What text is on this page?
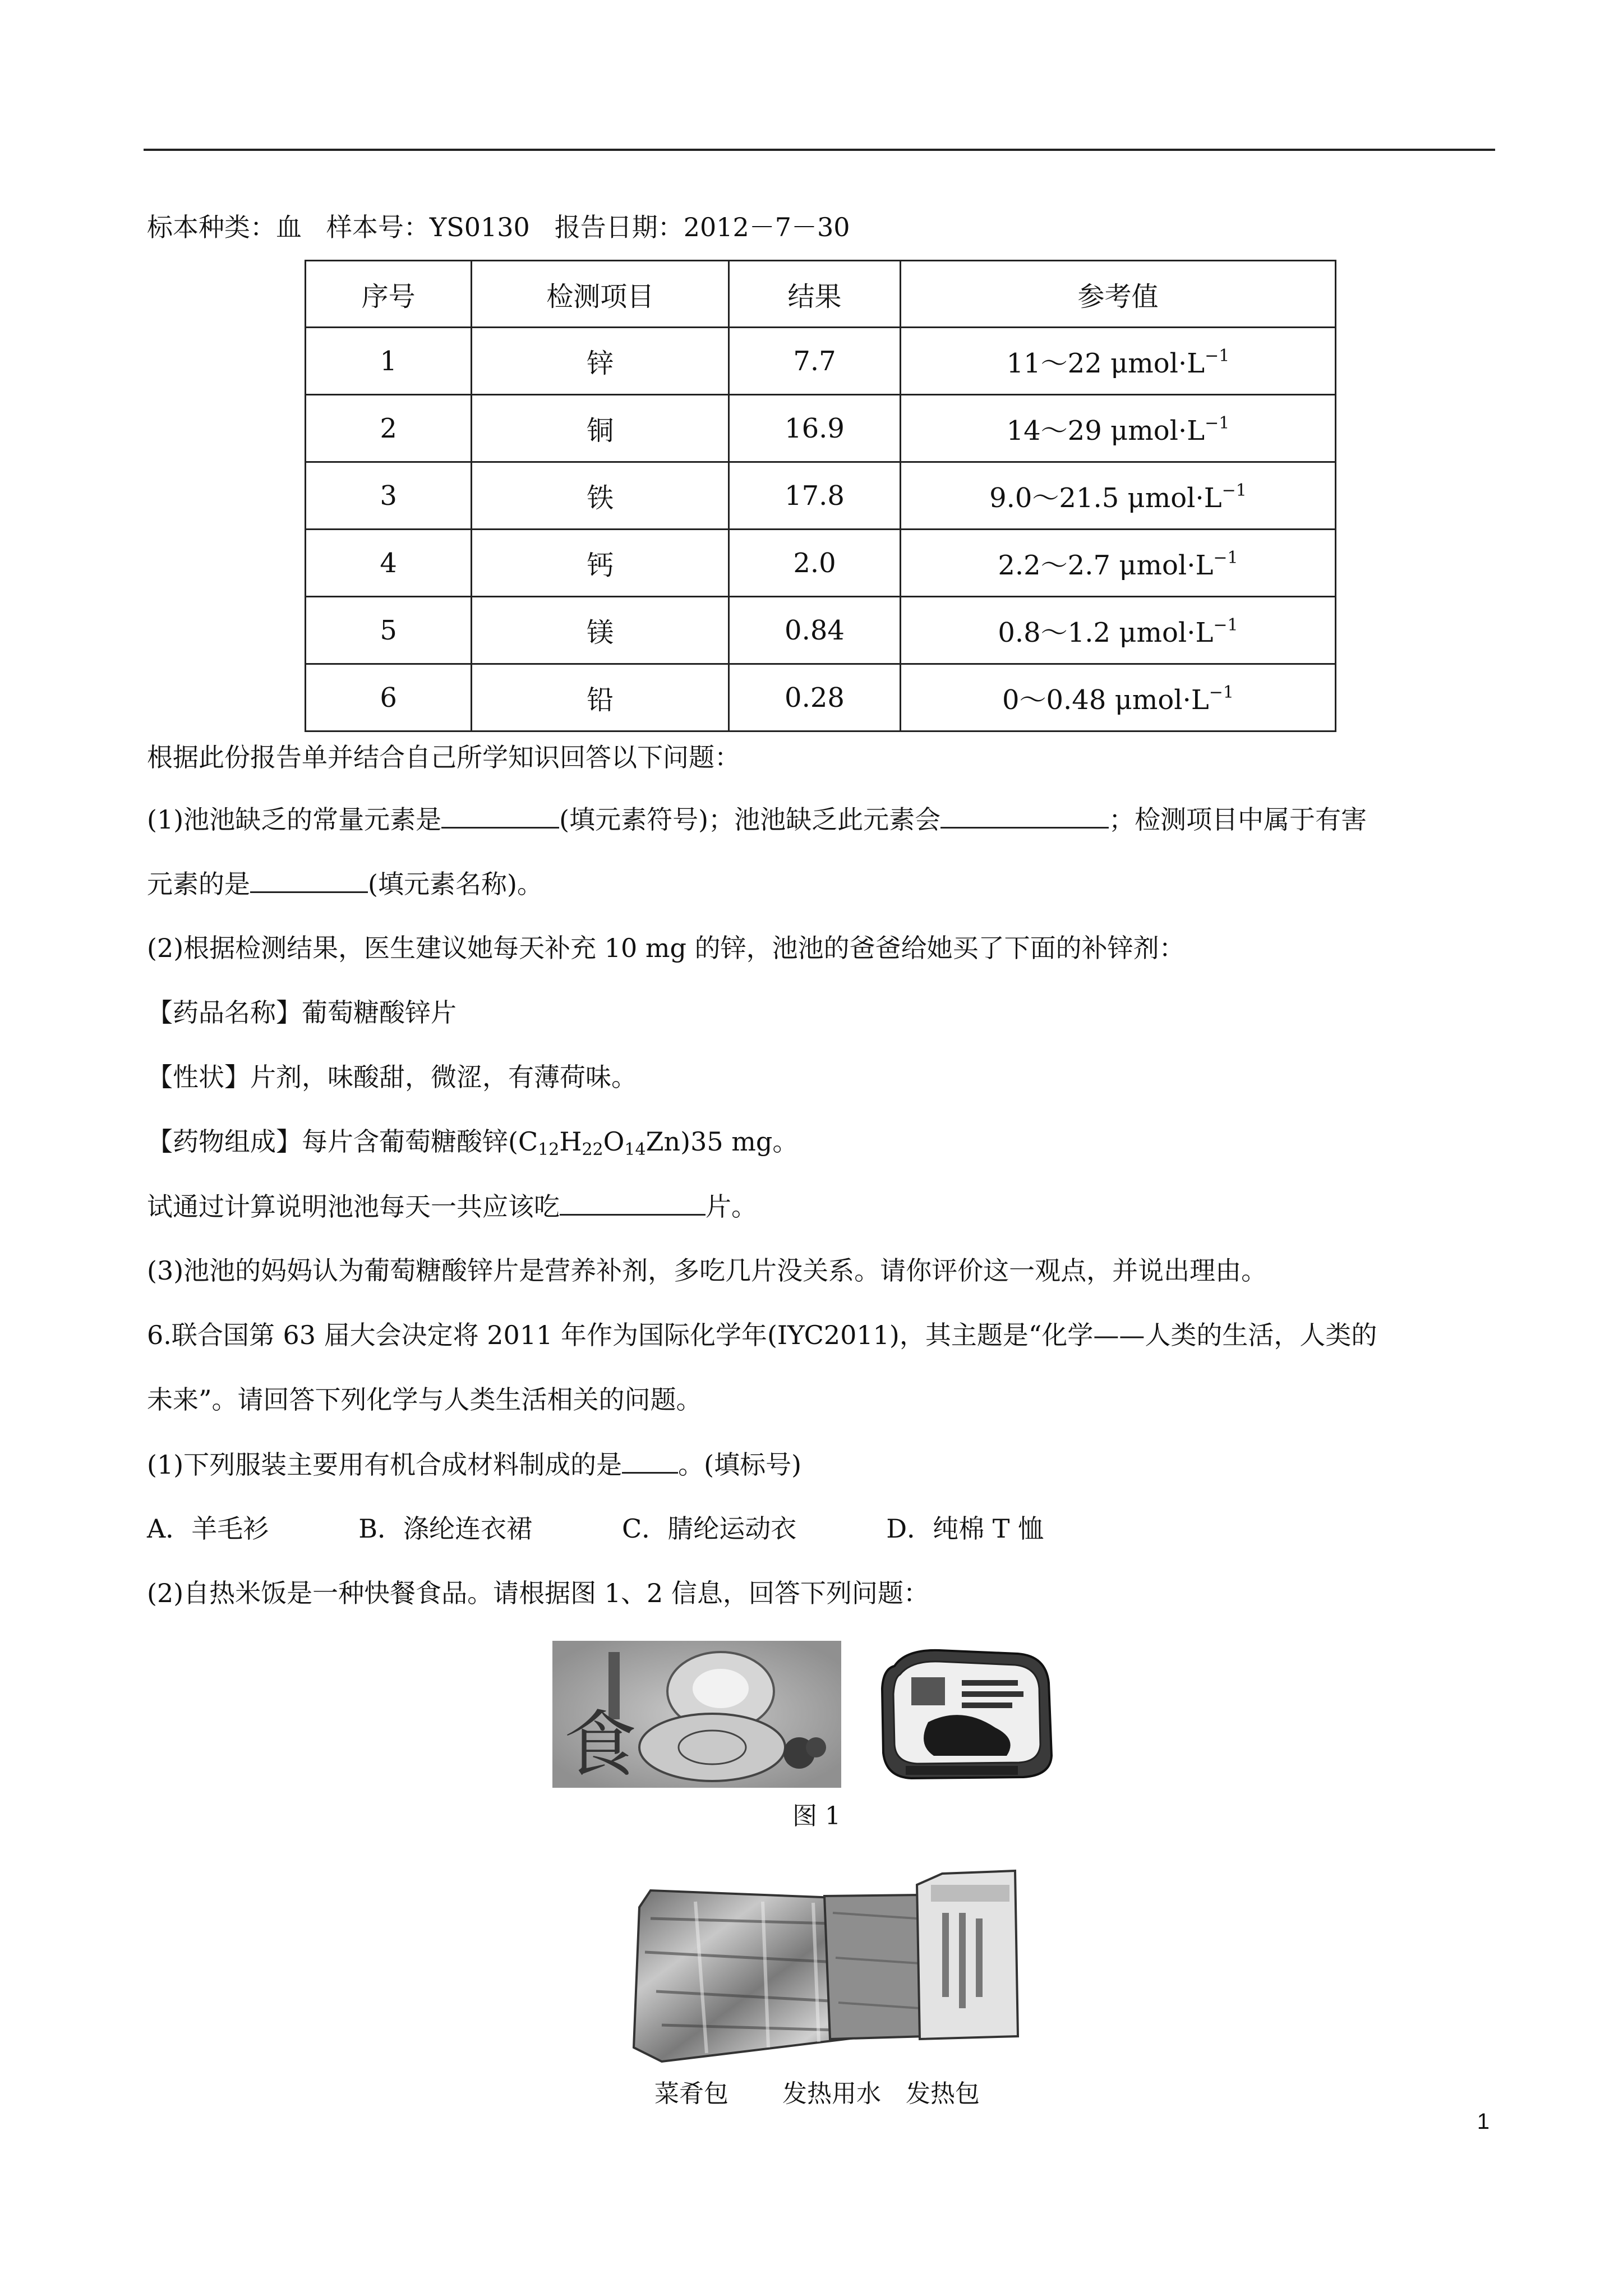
标本种类：血 样本号：YS0130 报告日期：2012－7－30
序号	检测项目	结果	参考值
1	锌	7.7	11～22 $\mu mol\cdot L^{-1}$
2	铜	16.9	14～29 $\mu mol\cdot L^{-1}$
3	铁	17.8	9.0～21.5 $\mu mol\cdot L^{-1}$
4	钙	2.0	2.2～2.7 $\mu mol\cdot L^{-1}$
5	镁	0.84	0.8～1.2 $\mu mol\cdot L^{-1}$
6	铅	0.28	0～0.48 $\mu mol\cdot L^{-1}$
根据此份报告单并结合自己所学知识回答以下问题：
(1)池池缺乏的常量元素是	(填元素符号)；池池缺乏此元素会	；检测项目中属于有害
元素的是	(填元素名称)。
(2)根据检测结果，医生建议她每天补充 10 mg 的锌，池池的爸爸给她买了下面的补锌剂：
【药品名称】葡萄糖酸锌片
【性状】片剂，味酸甜，微涩，有薄荷味。
【药物组成】每片含葡萄糖酸锌$(C_{12}H_{22}O_{14}Zn)35$ mg。
试通过计算说明池池每天一共应该吃	片。
(3)池池的妈妈认为葡萄糖酸锌片是营养补剂，多吃几片没关系。请你评价这一观点，并说出理由。
6.联合国第 63 届大会决定将 2011 年作为国际化学年(IYC2011)，其主题是“化学——人类的生活，人类的
未来”。请回答下列化学与人类生活相关的问题。
(1)下列服装主要用有机合成材料制成的是 。(填标号)
A．羊毛衫	B．涤纶连衣裙	C．腈纶运动衣	D．纯棉 T 恤
(2)自热米饭是一种快餐食品。请根据图 1、2 信息，回答下列问题：
食
图 1
菜肴包 发热用水 发热包
1
